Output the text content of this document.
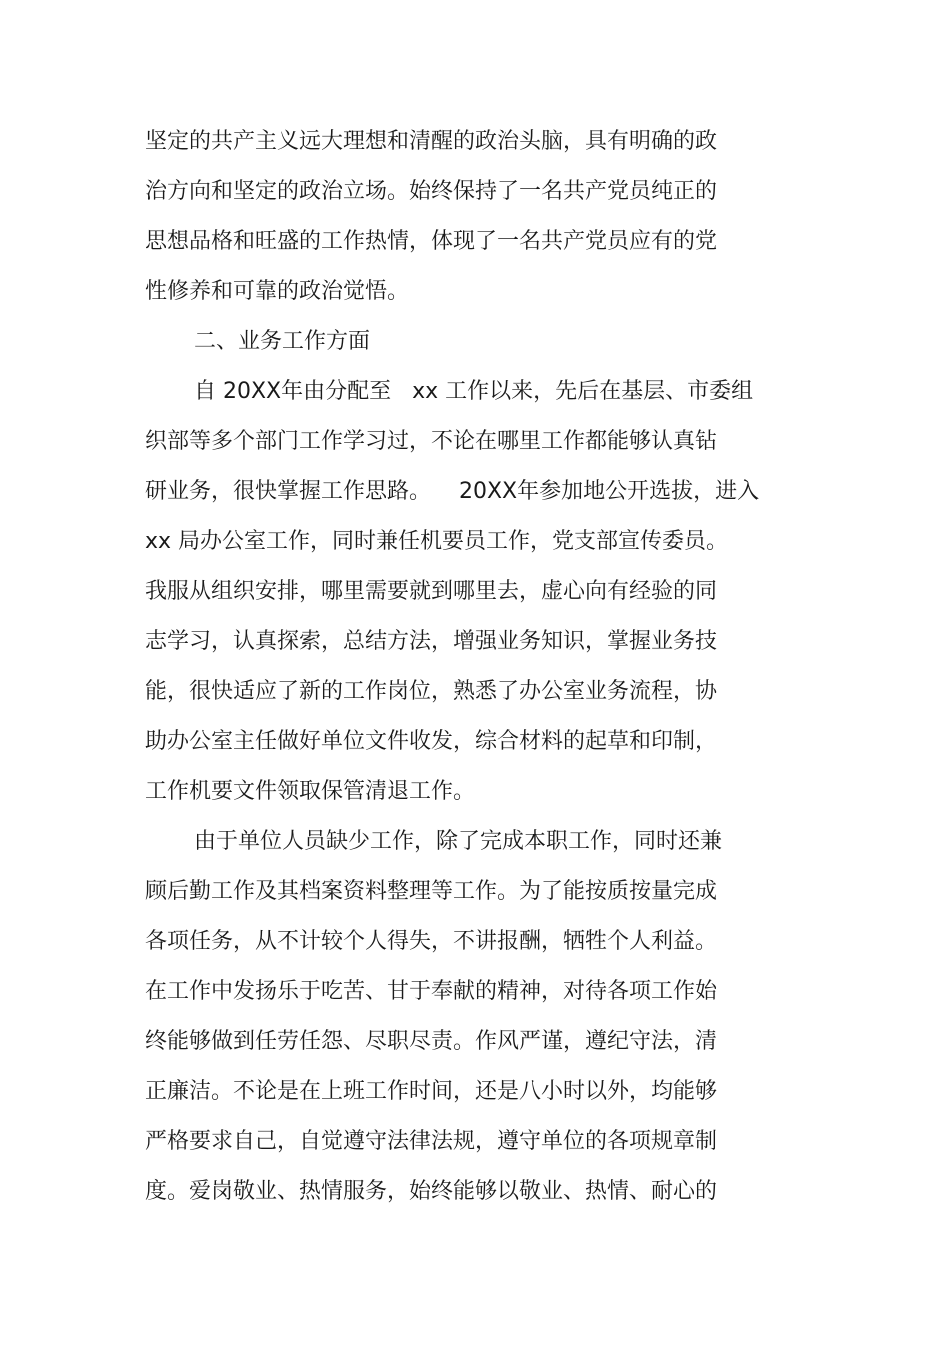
坚定的共产主义远大理想和清醒的政治头脑，具有明确的政

治方向和坚定的政治立场。始终保持了一名共产党员纯正的

思想品格和旺盛的工作热情，体现了一名共产党员应有的党

性修养和可靠的政治觉悟。

二、业务工作方面

自 20XX年由分配至   xx 工作以来，先后在基层、市委组

织部等多个部门工作学习过，不论在哪里工作都能够认真钻

研业务，很快掌握工作思路。    20XX年参加地公开选拔，进入

xx 局办公室工作，同时兼任机要员工作，党支部宣传委员。

我服从组织安排，哪里需要就到哪里去，虚心向有经验的同

志学习，认真探索，总结方法，增强业务知识，掌握业务技

能，很快适应了新的工作岗位，熟悉了办公室业务流程，协

助办公室主任做好单位文件收发，综合材料的起草和印制，

工作机要文件领取保管清退工作。

由于单位人员缺少工作，除了完成本职工作，同时还兼

顾后勤工作及其档案资料整理等工作。为了能按质按量完成

各项任务，从不计较个人得失，不讲报酬，牺牲个人利益。

在工作中发扬乐于吃苦、甘于奉献的精神，对待各项工作始

终能够做到任劳任怨、尽职尽责。作风严谨，遵纪守法，清

正廉洁。不论是在上班工作时间，还是八小时以外，均能够

严格要求自己，自觉遵守法律法规，遵守单位的各项规章制

度。爱岗敬业、热情服务，始终能够以敬业、热情、耐心的
